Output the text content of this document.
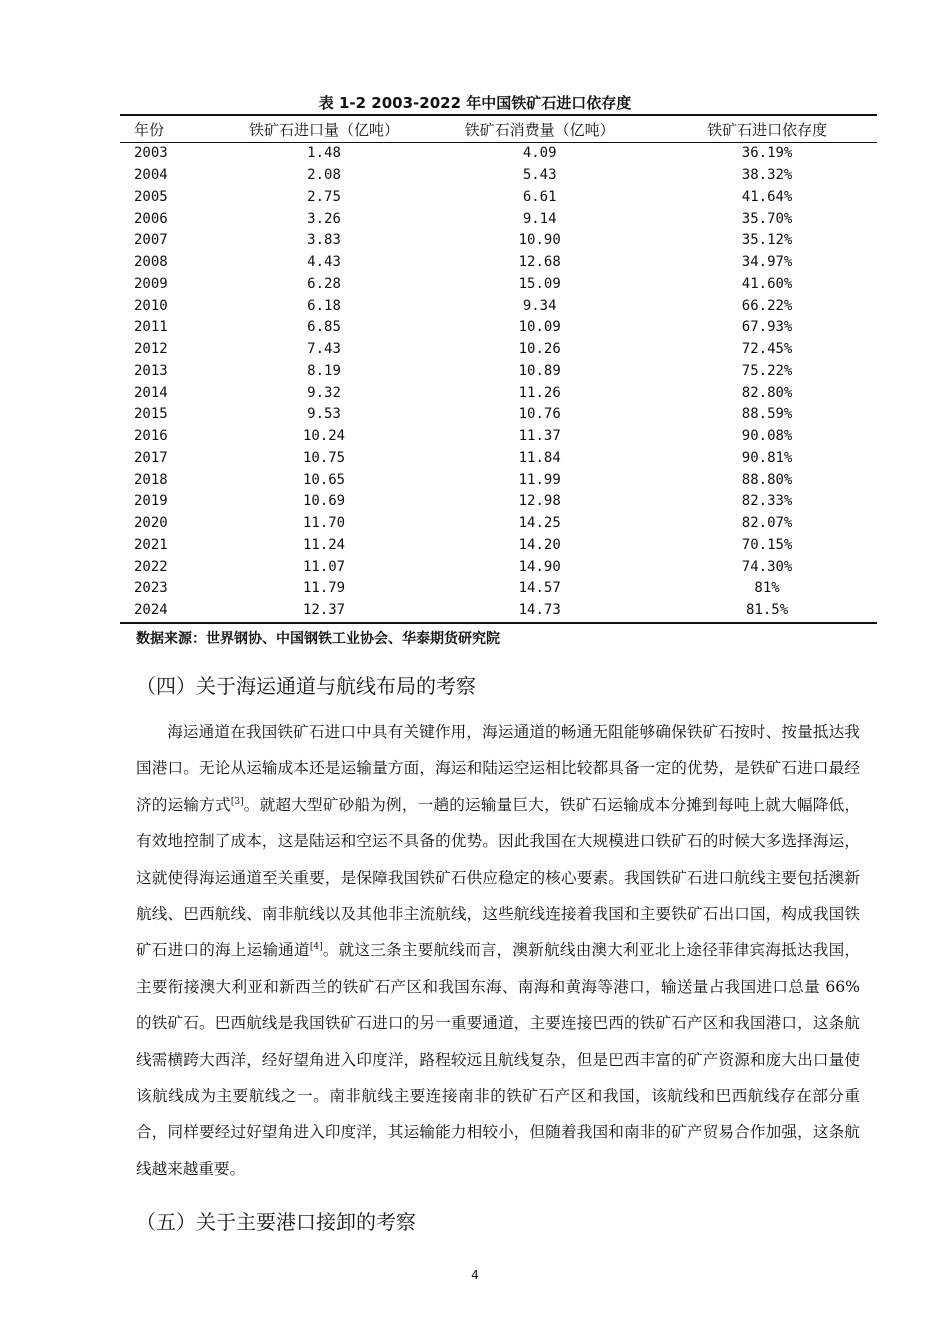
表 1-2 2003-2022 年中国铁矿石进口依存度
年份	铁矿石进口量（亿吨）	铁矿石消费量（亿吨）	铁矿石进口依存度
2003	1.48	4.09	36.19%
2004	2.08	5.43	38.32%
2005	2.75	6.61	41.64%
2006	3.26	9.14	35.70%
2007	3.83	10.90	35.12%
2008	4.43	12.68	34.97%
2009	6.28	15.09	41.60%
2010	6.18	9.34	66.22%
2011	6.85	10.09	67.93%
2012	7.43	10.26	72.45%
2013	8.19	10.89	75.22%
2014	9.32	11.26	82.80%
2015	9.53	10.76	88.59%
2016	10.24	11.37	90.08%
2017	10.75	11.84	90.81%
2018	10.65	11.99	88.80%
2019	10.69	12.98	82.33%
2020	11.70	14.25	82.07%
2021	11.24	14.20	70.15%
2022	11.07	14.90	74.30%
2023	11.79	14.57	81%
2024	12.37	14.73	81.5%
数据来源：世界钢协、中国钢铁工业协会、华泰期货研究院
（四）关于海运通道与航线布局的考察
海运通道在我国铁矿石进口中具有关键作用，海运通道的畅通无阻能够确保铁矿石按时、按量抵达我国港口。无论从运输成本还是运输量方面，海运和陆运空运相比较都具备一定的优势，是铁矿石进口最经济的运输方式[3]。就超大型矿砂船为例，一趟的运输量巨大，铁矿石运输成本分摊到每吨上就大幅降低，有效地控制了成本，这是陆运和空运不具备的优势。因此我国在大规模进口铁矿石的时候大多选择海运，这就使得海运通道至关重要，是保障我国铁矿石供应稳定的核心要素。我国铁矿石进口航线主要包括澳新航线、巴西航线、南非航线以及其他非主流航线，这些航线连接着我国和主要铁矿石出口国，构成我国铁矿石进口的海上运输通道[4]。就这三条主要航线而言，澳新航线由澳大利亚北上途径菲律宾海抵达我国，主要衔接澳大利亚和新西兰的铁矿石产区和我国东海、南海和黄海等港口，输送量占我国进口总量 66%的铁矿石。巴西航线是我国铁矿石进口的另一重要通道，主要连接巴西的铁矿石产区和我国港口，这条航线需横跨大西洋，经好望角进入印度洋，路程较远且航线复杂，但是巴西丰富的矿产资源和庞大出口量使该航线成为主要航线之一。南非航线主要连接南非的铁矿石产区和我国，该航线和巴西航线存在部分重合，同样要经过好望角进入印度洋，其运输能力相较小，但随着我国和南非的矿产贸易合作加强，这条航线越来越重要。
（五）关于主要港口接卸的考察
4
